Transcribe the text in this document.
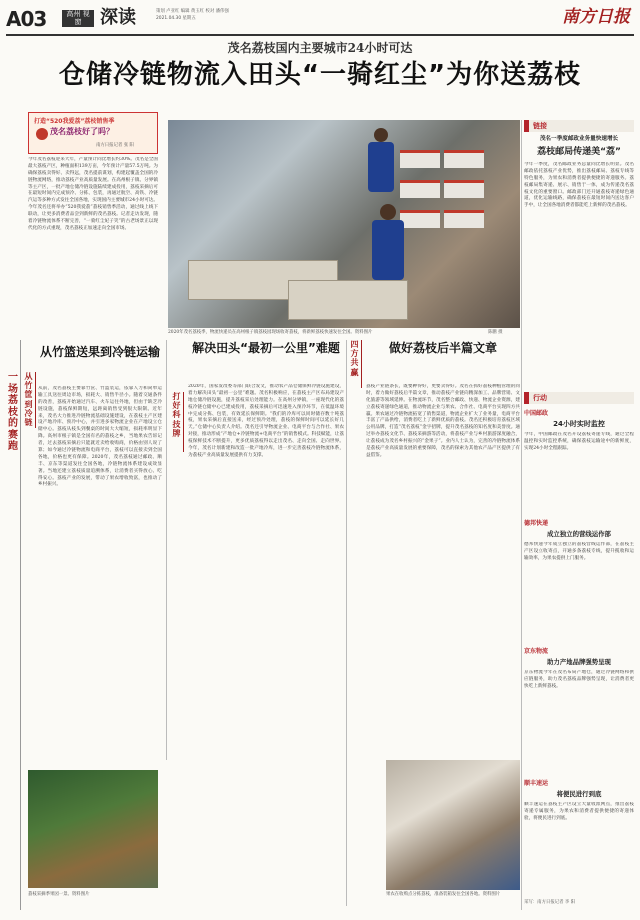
A03	高州 视窗	深读	策划 卢亚红 编辑 黄玉红 校对 潘伟强
2021.04.30 星期五	南方日报
茂名荔枝国内主要城市24小时可达
仓储冷链物流入田头“一骑红尘”为你送荔枝
打造“520我爱荔”荔枝销售季
茂名荔枝好了吗？
南方日报记者 张 阳
今年茂名荔枝迎来大年，产量预计同比增长约30%。茂名是全国最大荔枝产区，种植面积139万亩，今年预计产量57.5万吨。为确保荔枝卖得好、卖得远，茂名提前谋划，构建起覆盖全国的冷链物流网络，推动荔枝产业高质量发展。在高州根子镇、分界镇等主产区，一批产地仓储冷链设施陆续建成投用，荔枝采摘后可在最短时间内完成预冷、分拣、包装，再通过航空、高铁、冷链汽运等多种方式发往全国各地，实现国内主要城市24小时可达。今年茂名还将举办“520我爱荔”荔枝销售季活动，通过线上线下联动，让更多消费者品尝到新鲜的茂名荔枝。记者走访发现，随着冷链物流体系不断完善，“一骑红尘妃子笑”的古老场景正以现代化的方式重现，茂名荔枝正加速走向全国市场。
2020年茂名荔枝季，物流快递员在高州根子镇荔枝园现场收寄荔枝，将新鲜荔枝快速发往全国。资料图片	陈鹏 摄
一场荔枝的赛跑
从竹筐到冷链
从竹篮送果到冷链运输
从前，茂名荔枝主要靠竹筐、竹篮装运，依靠人力和简单运输工具送往周边市场，损耗大、销售半径小。随着交通条件的改善，荔枝开始通过汽车、火车运往外地，但由于缺乏冷链设施，荔枝保鲜期短，远距离销售受到很大限制。近年来，茂名大力推进冷链物流基础设施建设，在荔枝主产区建设产地冷库、预冷中心，并引进多家物流企业在产地设立仓储中心。荔枝从枝头到餐桌的时间大大缩短，损耗率明显下降。高州市根子镇是全国有名的荔枝之乡，当地果农告诉记者，过去荔枝采摘后只能就近卖给收购商，价格由别人说了算；如今通过冷链物流和电商平台，荔枝可以直接卖到全国各地，价格也更有保障。2020年，茂名荔枝通过邮政、顺丰、京东等渠道发往全国各地，冷链物流体系建设成效显著。当地还建立荔枝质量追溯体系，让消费者买得放心、吃得安心。荔枝产业的发展，带动了果农增收致富，也推动了乡村振兴。
打好科技牌
解决田头“最初一公里”难题
2020年，国家发改委等部门联合发文，推动农产品仓储保鲜冷链设施建设，着力解决田头“最初一公里”难题。茂名积极响应，在荔枝主产区布局建设产地仓储冷链设施，提升荔枝采后处理能力。在高州分界镇，一座现代化的荔枝冷链仓储中心已建成投用，荔枝采摘后可迅速进入预冷环节，在低温环境中完成分拣、包装，有效延长保鲜期。“我们的冷库可以同时储存数十吨荔枝，果农采摘后直接送来，经过预冷处理，荔枝的保鲜时间可以延长好几天。”仓储中心负责人介绍。茂名还引导物流企业、电商平台与合作社、果农对接，推动形成“产地仓+冷链物流+电商平台”的销售模式。科技赋能，让荔枝保鲜技术不断提升，更多优质荔枝得以走出茂名、走向全国、走向世界。今年，茂名计划新建和改造一批产地冷库，进一步完善荔枝冷链物流体系，为荔枝产业高质量发展提供有力支撑。
四方共赢
做好荔枝后半篇文章
荔枝产业链条长，既要种得好，更要卖得好。茂名在抓好荔枝种植管理的同时，着力做好荔枝后半篇文章，推动荔枝产业链向精深加工、品牌营销、文化旅游等领域延伸。在物流环节，茂名整合邮政、快递、物流企业资源，建立荔枝寄递绿色通道，推动物流企业与果农、合作社、电商平台实现四方共赢。果农通过冷链物流拓宽了销售渠道，物流企业扩大了业务量，电商平台丰富了产品供给，消费者吃上了新鲜优质的荔枝。茂名还积极培育荔枝区域公用品牌，打造“茂名荔枝”金字招牌，提升茂名荔枝的知名度和美誉度。通过举办荔枝文化节、荔枝采摘游等活动，将荔枝产业与乡村旅游深度融合，让荔枝成为茂名乡村振兴的“金果子”。业内人士认为，完善的冷链物流体系是荔枝产业高质量发展的重要保障，茂名的探索为其他农产品产区提供了有益借鉴。
荔枝采摘季果园一景。资料图片	果农在收购点分拣荔枝，准备装箱发往全国各地。资料图片
链接
茂名一季度邮政业务量快速增长
荔枝邮局传递美“荔”
今年一季度，茂名邮政业务总量同比增长明显。茂名邮政依托荔枝产业优势，推出荔枝邮局、荔枝专线等特色服务，为果农和消费者提供便捷的寄递服务。荔枝邮局集寄递、展示、销售于一体，成为传递茂名荔枝文化的重要窗口。邮政部门还开通荔枝寄递绿色通道，优化运输线路，确保荔枝在最短时间内送达客户手中，让全国各地消费者都能吃上新鲜的茂名荔枝。
行动
中国邮政
24小时实时监控
今年，中国邮政在茂名开设荔枝寄递专线，通过全程温控和实时监控系统，确保荔枝运输途中的新鲜度，实现24小时全程跟踪。
德邦快递
成立独立的营线运作部
德邦快递今年成立独立的荔枝营线运作部，在荔枝主产区设立收寄点，开通多条荔枝专线，提升揽收和运输效率，为果农提供上门服务。
京东物流
助力产地品牌强势呈现
京东物流今年在茂名布局产地仓，通过冷链网络和供应链服务，助力茂名荔枝品牌强势呈现，让消费者更快吃上新鲜荔枝。
顺丰速运
将便民进行到底
顺丰速运在荔枝主产区设立大量收派网点，推出荔枝寄递专属服务，为果农和消费者提供便捷的寄递体验，将便民进行到底。
采写：南方日报记者 李 阳
